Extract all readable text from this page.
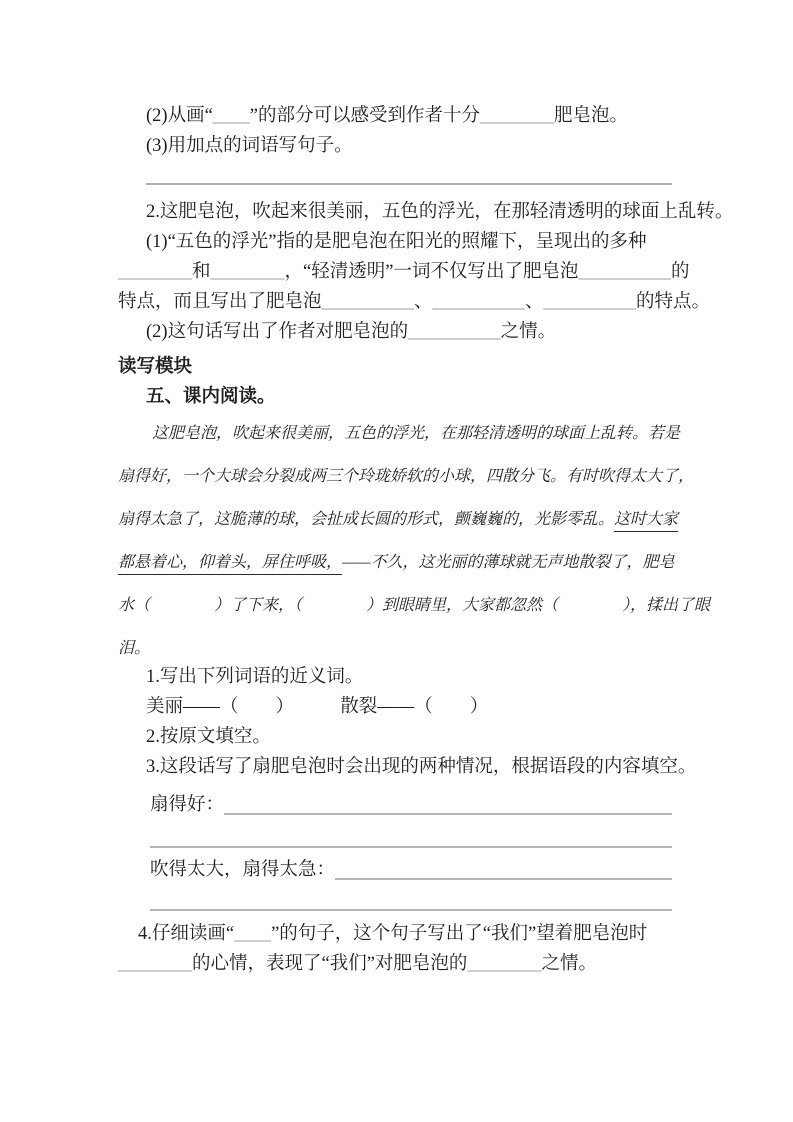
(2)从画“____”的部分可以感受到作者十分________肥皂泡。
(3)用加点的词语写句子。
2.这肥皂泡，吹起来很美丽，五色的浮光，在那轻清透明的球面上乱转。
(1)“五色的浮光”指的是肥皂泡在阳光的照耀下，呈现出的多种
________和________，“轻清透明”一词不仅写出了肥皂泡__________的
特点，而且写出了肥皂泡__________、__________、__________的特点。
(2)这句话写出了作者对肥皂泡的__________之情。
读写模块
五、课内阅读。
这肥皂泡，吹起来很美丽，五色的浮光，在那轻清透明的球面上乱转。若是
扇得好，一个大球会分裂成两三个玲珑娇软的小球，四散分飞。有时吹得太大了，
扇得太急了，这脆薄的球，会扯成长圆的形式，颤巍巍的，光影零乱。这时大家
都悬着心，仰着头，屏住呼吸，——不久，这光丽的薄球就无声地散裂了，肥皂
水（　　　　）了下来，（　　　　）到眼睛里，大家都忽然（　　　　），揉出了眼
泪。
1.写出下列词语的近义词。
美丽——（　　）　　　散裂——（　　）
2.按原文填空。
3.这段话写了扇肥皂泡时会出现的两种情况，根据语段的内容填空。
扇得好：
吹得太大，扇得太急：
4.仔细读画“____”的句子，这个句子写出了“我们”望着肥皂泡时
________的心情，表现了“我们”对肥皂泡的________之情。
